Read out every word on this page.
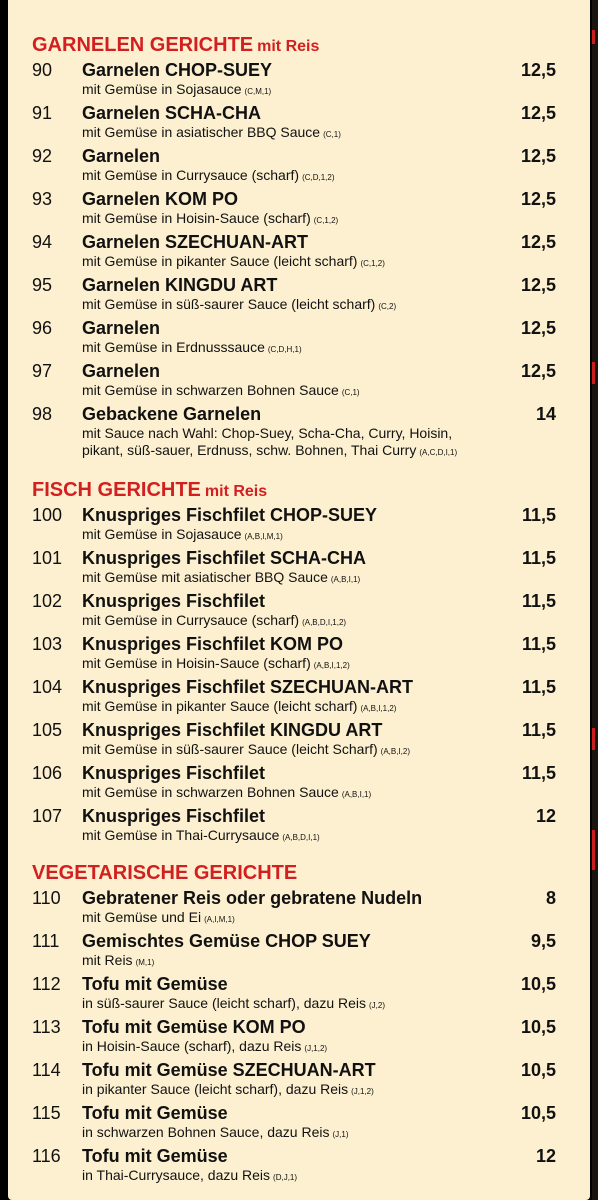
GARNELEN GERICHTE mit Reis
90 Garnelen CHOP-SUEY	12,5
mit Gemüse in Sojasauce (C,M,1)
91 Garnelen SCHA-CHA	12,5
mit Gemüse in asiatischer BBQ Sauce (C,1)
92 Garnelen	12,5
mit Gemüse in Currysauce (scharf) (C,D,1,2)
93 Garnelen KOM PO	12,5
mit Gemüse in Hoisin-Sauce (scharf) (C,1,2)
94 Garnelen SZECHUAN-ART	12,5
mit Gemüse in pikanter Sauce (leicht scharf) (C,1,2)
95 Garnelen KINGDU ART	12,5
mit Gemüse in süß-saurer Sauce (leicht scharf) (C,2)
96 Garnelen	12,5
mit Gemüse in Erdnusssauce (C,D,H,1)
97 Garnelen	12,5
mit Gemüse in schwarzen Bohnen Sauce (C,1)
98 Gebackene Garnelen	14
mit Sauce nach Wahl: Chop-Suey, Scha-Cha, Curry, Hoisin,
pikant, süß-sauer, Erdnuss, schw. Bohnen, Thai Curry (A,C,D,I,1)
FISCH GERICHTE mit Reis
100 Knuspriges Fischfilet CHOP-SUEY	11,5
mit Gemüse in Sojasauce (A,B,I,M,1)
101 Knuspriges Fischfilet SCHA-CHA	11,5
mit Gemüse mit asiatischer BBQ Sauce (A,B,I,1)
102 Knuspriges Fischfilet	11,5
mit Gemüse in Currysauce (scharf) (A,B,D,I,1,2)
103 Knuspriges Fischfilet KOM PO	11,5
mit Gemüse in Hoisin-Sauce (scharf) (A,B,I,1,2)
104 Knuspriges Fischfilet SZECHUAN-ART	11,5
mit Gemüse in pikanter Sauce (leicht scharf) (A,B,I,1,2)
105 Knuspriges Fischfilet KINGDU ART	11,5
mit Gemüse in süß-saurer Sauce (leicht Scharf) (A,B,I,2)
106 Knuspriges Fischfilet	11,5
mit Gemüse in schwarzen Bohnen Sauce (A,B,I,1)
107 Knuspriges Fischfilet	12
mit Gemüse in Thai-Currysauce (A,B,D,I,1)
VEGETARISCHE GERICHTE
110 Gebratener Reis oder gebratene Nudeln	8
mit Gemüse und Ei (A,I,M,1)
111 Gemischtes Gemüse CHOP SUEY	9,5
mit Reis (M,1)
112 Tofu mit Gemüse	10,5
in süß-saurer Sauce (leicht scharf), dazu Reis (J,2)
113 Tofu mit Gemüse KOM PO	10,5
in Hoisin-Sauce (scharf), dazu Reis (J,1,2)
114 Tofu mit Gemüse SZECHUAN-ART	10,5
in pikanter Sauce (leicht scharf), dazu Reis (J,1,2)
115 Tofu mit Gemüse	10,5
in schwarzen Bohnen Sauce, dazu Reis (J,1)
116 Tofu mit Gemüse	12
in Thai-Currysauce, dazu Reis (D,J,1)
